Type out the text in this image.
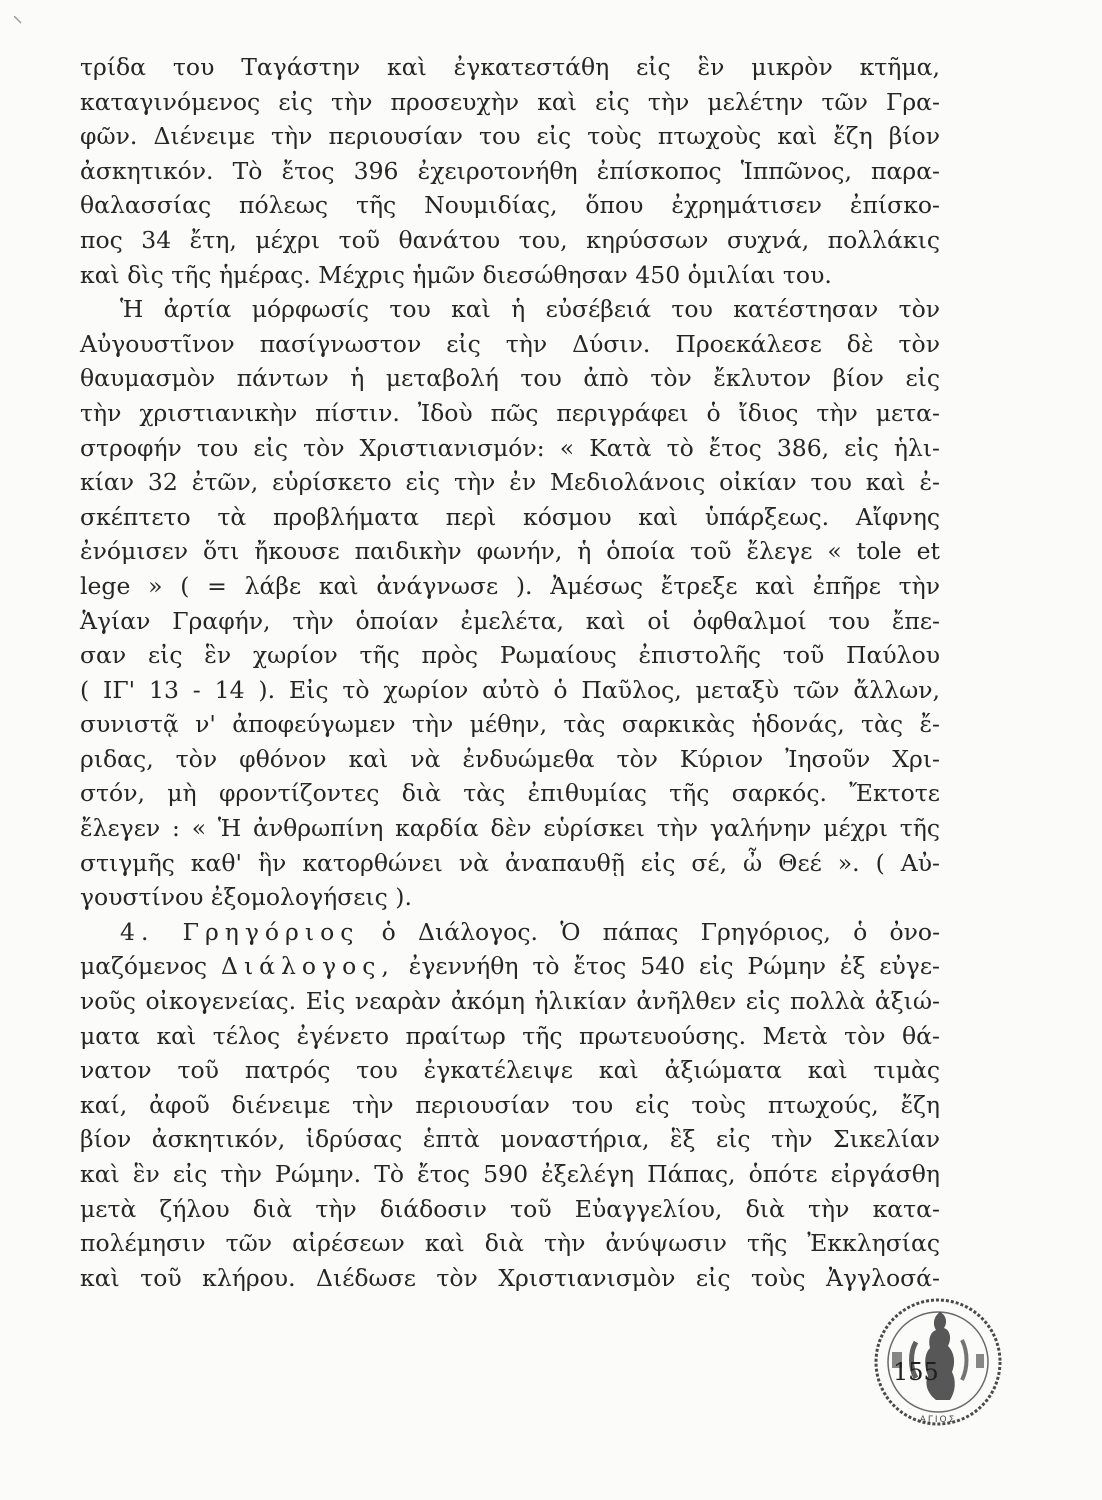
τρίδα του Ταγάστην καὶ ἐγκατεστάθη εἰς ἓν μικρὸν κτῆμα,
καταγινόμενος εἰς τὴν προσευχὴν καὶ εἰς τὴν μελέτην τῶν Γρα-
φῶν. Διένειμε τὴν περιουσίαν του εἰς τοὺς πτωχοὺς καὶ ἔζη βίον
ἀσκητικόν. Τὸ ἔτος 396 ἐχειροτονήθη ἐπίσκοπος Ἱππῶνος, παρα-
θαλασσίας πόλεως τῆς Νουμιδίας, ὅπου ἐχρημάτισεν ἐπίσκο-
πος 34 ἔτη, μέχρι τοῦ θανάτου του, κηρύσσων συχνά, πολλάκις
καὶ δὶς τῆς ἡμέρας. Μέχρις ἡμῶν διεσώθησαν 450 ὁμιλίαι του.
Ἡ ἀρτία μόρφωσίς του καὶ ἡ εὐσέβειά του κατέστησαν τὸν
Αὐγουστῖνον πασίγνωστον εἰς τὴν Δύσιν. Προεκάλεσε δὲ τὸν
θαυμασμὸν πάντων ἡ μεταβολή του ἀπὸ τὸν ἔκλυτον βίον εἰς
τὴν χριστιανικὴν πίστιν. Ἰδοὺ πῶς περιγράφει ὁ ἴδιος τὴν μετα-
στροφήν του εἰς τὸν Χριστιανισμόν: « Κατὰ τὸ ἔτος 386, εἰς ἡλι-
κίαν 32 ἐτῶν, εὑρίσκετο εἰς τὴν ἐν Μεδιολάνοις οἰκίαν του καὶ ἐ-
σκέπτετο τὰ προβλήματα περὶ κόσμου καὶ ὑπάρξεως. Αἴφνης
ἐνόμισεν ὅτι ἤκουσε παιδικὴν φωνήν, ἡ ὁποία τοῦ ἔλεγε « tole et
lege » ( = λάβε καὶ ἀνάγνωσε ). Ἀμέσως ἔτρεξε καὶ ἐπῆρε τὴν
Ἁγίαν Γραφήν, τὴν ὁποίαν ἐμελέτα, καὶ οἱ ὀφθαλμοί του ἔπε-
σαν εἰς ἓν χωρίον τῆς πρὸς Ρωμαίους ἐπιστολῆς τοῦ Παύλου
( ΙΓ' 13 - 14 ). Εἰς τὸ χωρίον αὐτὸ ὁ Παῦλος, μεταξὺ τῶν ἄλλων,
συνιστᾷ ν' ἀποφεύγωμεν τὴν μέθην, τὰς σαρκικὰς ἡδονάς, τὰς ἔ-
ριδας, τὸν φθόνον καὶ νὰ ἐνδυώμεθα τὸν Κύριον Ἰησοῦν Χρι-
στόν, μὴ φροντίζοντες διὰ τὰς ἐπιθυμίας τῆς σαρκός. Ἔκτοτε
ἔλεγεν : « Ἡ ἀνθρωπίνη καρδία δὲν εὑρίσκει τὴν γαλήνην μέχρι τῆς
στιγμῆς καθ' ἣν κατορθώνει νὰ ἀναπαυθῇ εἰς σέ, ὦ Θεέ ». ( Αὐ-
γουστίνου ἐξομολογήσεις ).
4. Γρηγόριος ὁ Διάλογος. Ὁ πάπας Γρηγόριος, ὁ ὀνο-
μαζόμενος Διάλογος, ἐγεννήθη τὸ ἔτος 540 εἰς Ρώμην ἐξ εὐγε-
νοῦς οἰκογενείας. Εἰς νεαρὰν ἀκόμη ἡλικίαν ἀνῆλθεν εἰς πολλὰ ἀξιώ-
ματα καὶ τέλος ἐγένετο πραίτωρ τῆς πρωτευούσης. Μετὰ τὸν θά-
νατον τοῦ πατρός του ἐγκατέλειψε καὶ ἀξιώματα καὶ τιμὰς
καί, ἀφοῦ διένειμε τὴν περιουσίαν του εἰς τοὺς πτωχούς, ἔζη
βίον ἀσκητικόν, ἱδρύσας ἑπτὰ μοναστήρια, ἓξ εἰς τὴν Σικελίαν
καὶ ἓν εἰς τὴν Ρώμην. Τὸ ἔτος 590 ἐξελέγη Πάπας, ὁπότε εἰργάσθη
μετὰ ζήλου διὰ τὴν διάδοσιν τοῦ Εὐαγγελίου, διὰ τὴν κατα-
πολέμησιν τῶν αἱρέσεων καὶ διὰ τὴν ἀνύψωσιν τῆς Ἐκκλησίας
καὶ τοῦ κλήρου. Διέδωσε τὸν Χριστιανισμὸν εἰς τοὺς Ἀγγλοσά-
ΑΓΙΟΣ
155
